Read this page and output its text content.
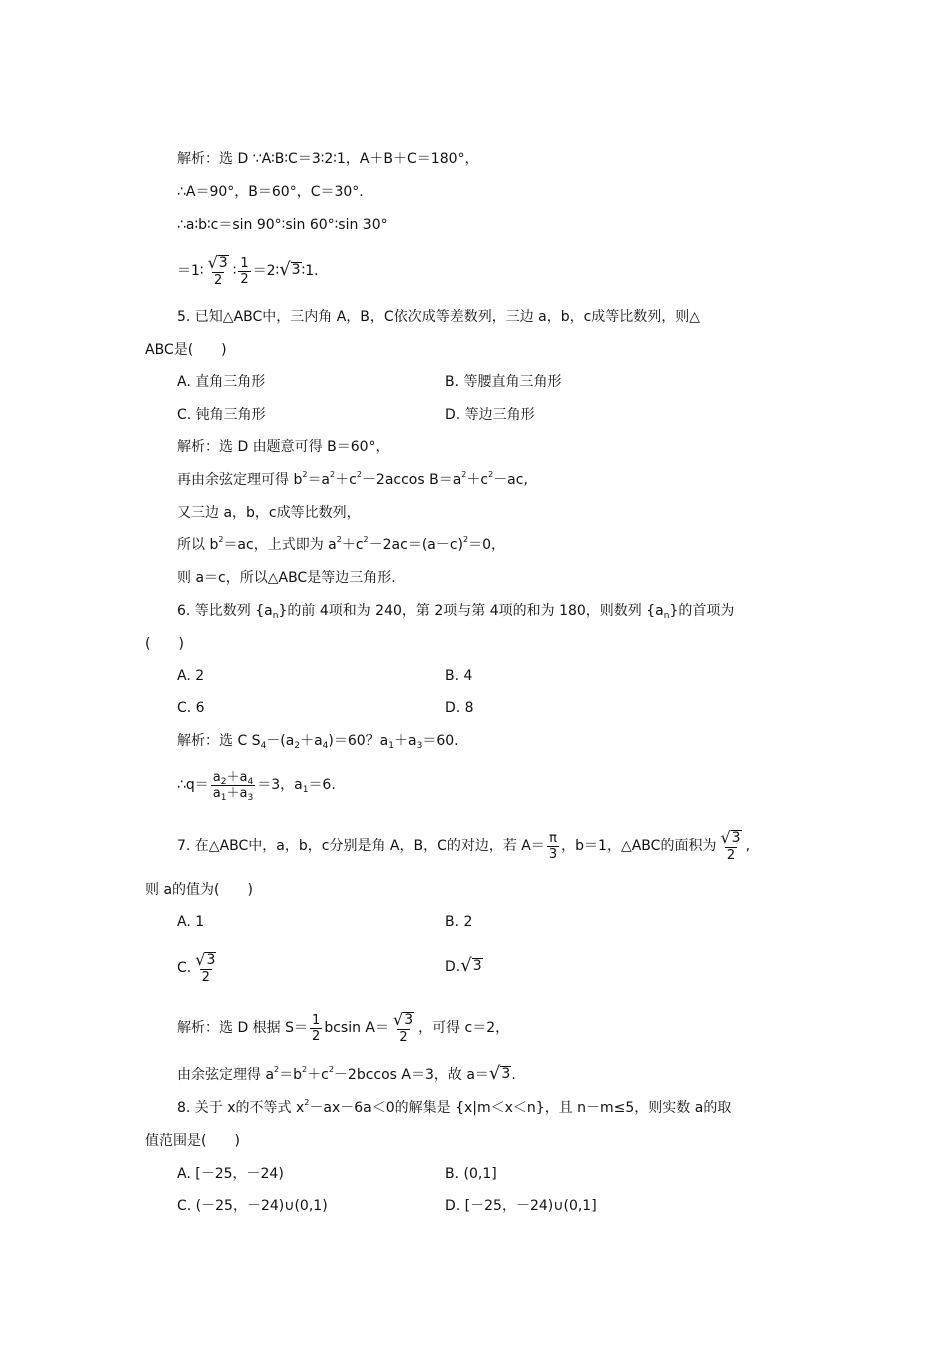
解析：选 D ∵A∶B∶C＝3∶2∶1，A＋B＋C＝180°，
∴A＝90°，B＝60°，C＝30°.
∴a∶b∶c＝sin 90°∶sin 60°∶sin 30°
＝1∶ $\frac{√ 3}{2}$ ∶ $\frac{1}{2}$ ＝2∶ √ 3 ∶1.
5. 已知△ABC中，三内角 A，B，C依次成等差数列，三边 a，b，c成等比数列，则△
ABC是(　　)
A. 直角三角形	B. 等腰直角三角形
C. 钝角三角形	D. 等边三角形
解析：选 D 由题意可得 B＝60°，
再由余弦定理可得 $b^2=a^2+c^2-2accos$ $B=a^2+c^2-ac$,
又三边 a，b，c成等比数列，
所以 $b^2=ac$，上式即为 $a^2+c^2-2ac=(a-c)^2=0$，
则 a＝c，所以△ABC是等边三角形.
6. 等比数列 $\{a_n\}$的前 4项和为 240，第 2项与第 4项的和为 180，则数列 $\{a_n\}$的首项为
(　　)
A. 2	B. 4
C. 6	D. 8
解析：选 C $S_4-(a_2+a_4)=60$？$a_1+a_3=60$.
∴q＝ $\frac{a_2+a_4}{a_1+a_3} =3$，$a_1=6$.
7. 在△ABC中，a，b，c分别是角 A，B，C的对边，若 $A= \frac{\pi}{3}$ ，b＝1，△ABC的面积为 $\frac{√ 3}{2}$ ,
则 a的值为(　　)
A. 1	B. 2
C. $\frac{√ 3}{2}$	D. √ 3
解析：选 D 根据 $S= \frac{1}{2}$ bcsin $A= \frac{√ 3}{2}$ ，可得 c＝2，
由余弦定理得 $a^2=b^2+c^2-2bccos$ A＝3，故 a＝ √ 3 .
8. 关于 x的不等式 $x^2-ax-6a<0$的解集是 {x|m＜x＜n}，且 n－m≤5，则实数 a的取
值范围是(　　)
A. [－25，－24)	B. (0,1]
C. (－25，－24)∪(0,1)	D. [－25，－24)∪(0,1]
